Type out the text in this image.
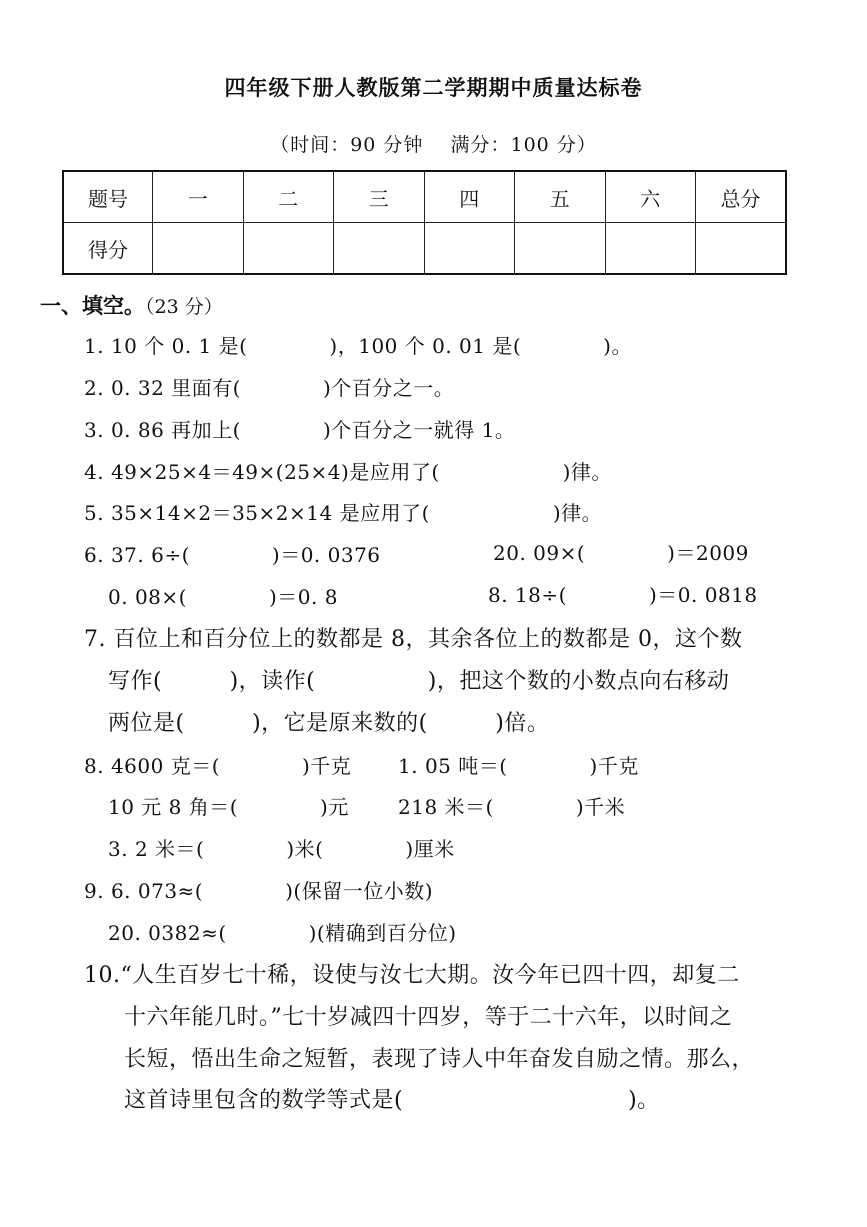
四年级下册人教版第二学期期中质量达标卷
（时间：90 分钟　 满分：100 分）
题号	一	二	三	四	五	六	总分
得分							
一、填空。（23 分）
1. 10 个 0. 1 是(　　　　)，100 个 0. 01 是(　　　　)。
2. 0. 32 里面有(　　　　)个百分之一。
3. 0. 86 再加上(　　　　)个百分之一就得 1。
4. 49×25×4＝49×(25×4)是应用了(　　　　　　)律。
5. 35×14×2＝35×2×14 是应用了(　　　　　　)律。
6. 37. 6÷(　　　　)＝0. 0376	20. 09×(　　　　)＝2009
0. 08×(　　　　)＝0. 8	8. 18÷(　　　　)＝0. 0818
7. 百位上和百分位上的数都是 8，其余各位上的数都是 0，这个数
写作(　　　)，读作(　　　　　)，把这个数的小数点向右移动
两位是(　　　)，它是原来数的(　　　)倍。
8. 4600 克＝(　　　　)千克 1. 05 吨＝(　　　　)千克
10 元 8 角＝(　　　　)元 218 米＝(　　　　)千米
3. 2 米＝(　　　　)米(　　　　)厘米
9. 6. 073≈(　　　　)(保留一位小数)
20. 0382≈(　　　　)(精确到百分位)
10.“人生百岁七十稀，设使与汝七大期。汝今年已四十四，却复二
十六年能几时。”七十岁减四十四岁，等于二十六年，以时间之
长短，悟出生命之短暂，表现了诗人中年奋发自励之情。那么，
这首诗里包含的数学等式是(　　　　　　　　　　)。
